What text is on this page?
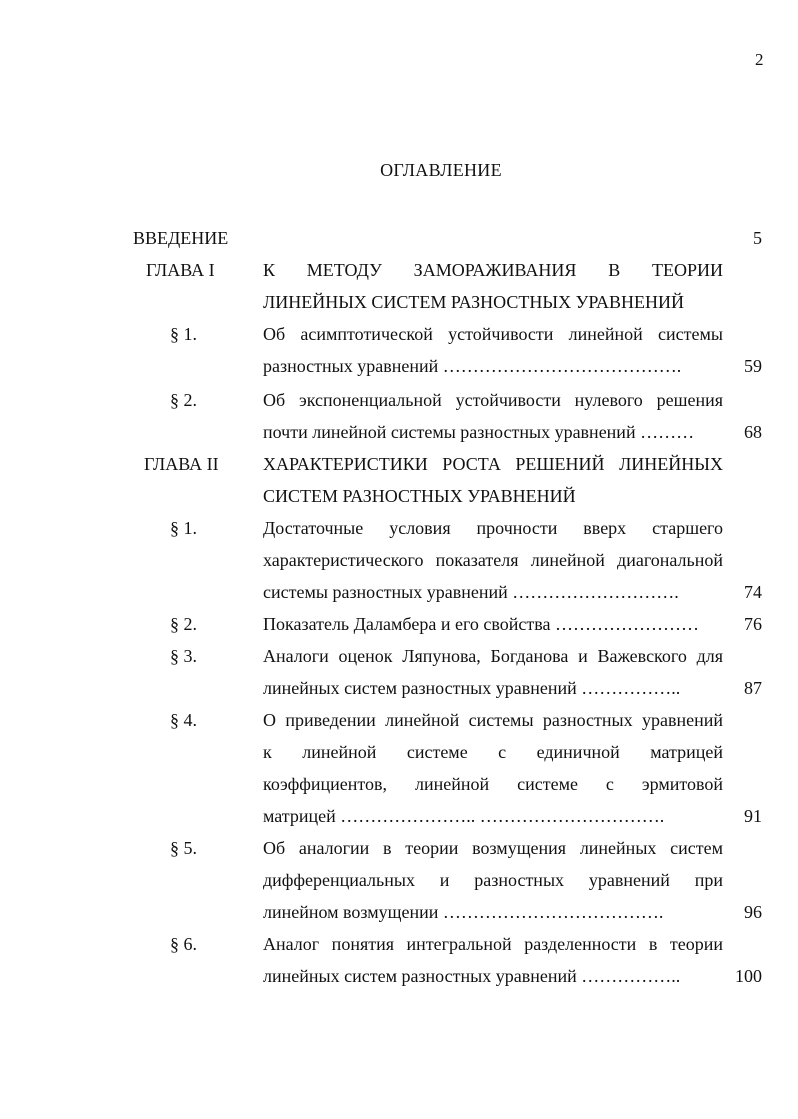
2
ОГЛАВЛЕНИЕ
ВВЕДЕНИЕ	5
ГЛАВА I	К МЕТОДУ ЗАМОРАЖИВАНИЯ В ТЕОРИИ
ЛИНЕЙНЫХ СИСТЕМ РАЗНОСТНЫХ УРАВНЕНИЙ
§ 1.	Об асимптотической устойчивости линейной системы
разностных уравнений ………………………………….	59
§ 2.	Об экспоненциальной устойчивости нулевого решения
почти линейной системы разностных уравнений ………	68
ГЛАВА II ХАРАКТЕРИСТИКИ РОСТА РЕШЕНИЙ ЛИНЕЙНЫХ
СИСТЕМ РАЗНОСТНЫХ УРАВНЕНИЙ
§ 1.	Достаточные условия прочности вверх старшего
характеристического показателя линейной диагональной
системы разностных уравнений ……………………….	74
§ 2.	Показатель Даламбера и его свойства ……………………	76
§ 3.	Аналоги оценок Ляпунова, Богданова и Важевского для
линейных систем разностных уравнений ……………..	87
§ 4.	О приведении линейной системы разностных уравнений
к линейной системе с единичной матрицей
коэффициентов, линейной системе с эрмитовой
матрицей ………………….. ………………………….	91
§ 5.	Об аналогии в теории возмущения линейных систем
дифференциальных и разностных уравнений при
линейном возмущении ……………………………….	96
§ 6.	Аналог понятия интегральной разделенности в теории
линейных систем разностных уравнений ……………..	100
